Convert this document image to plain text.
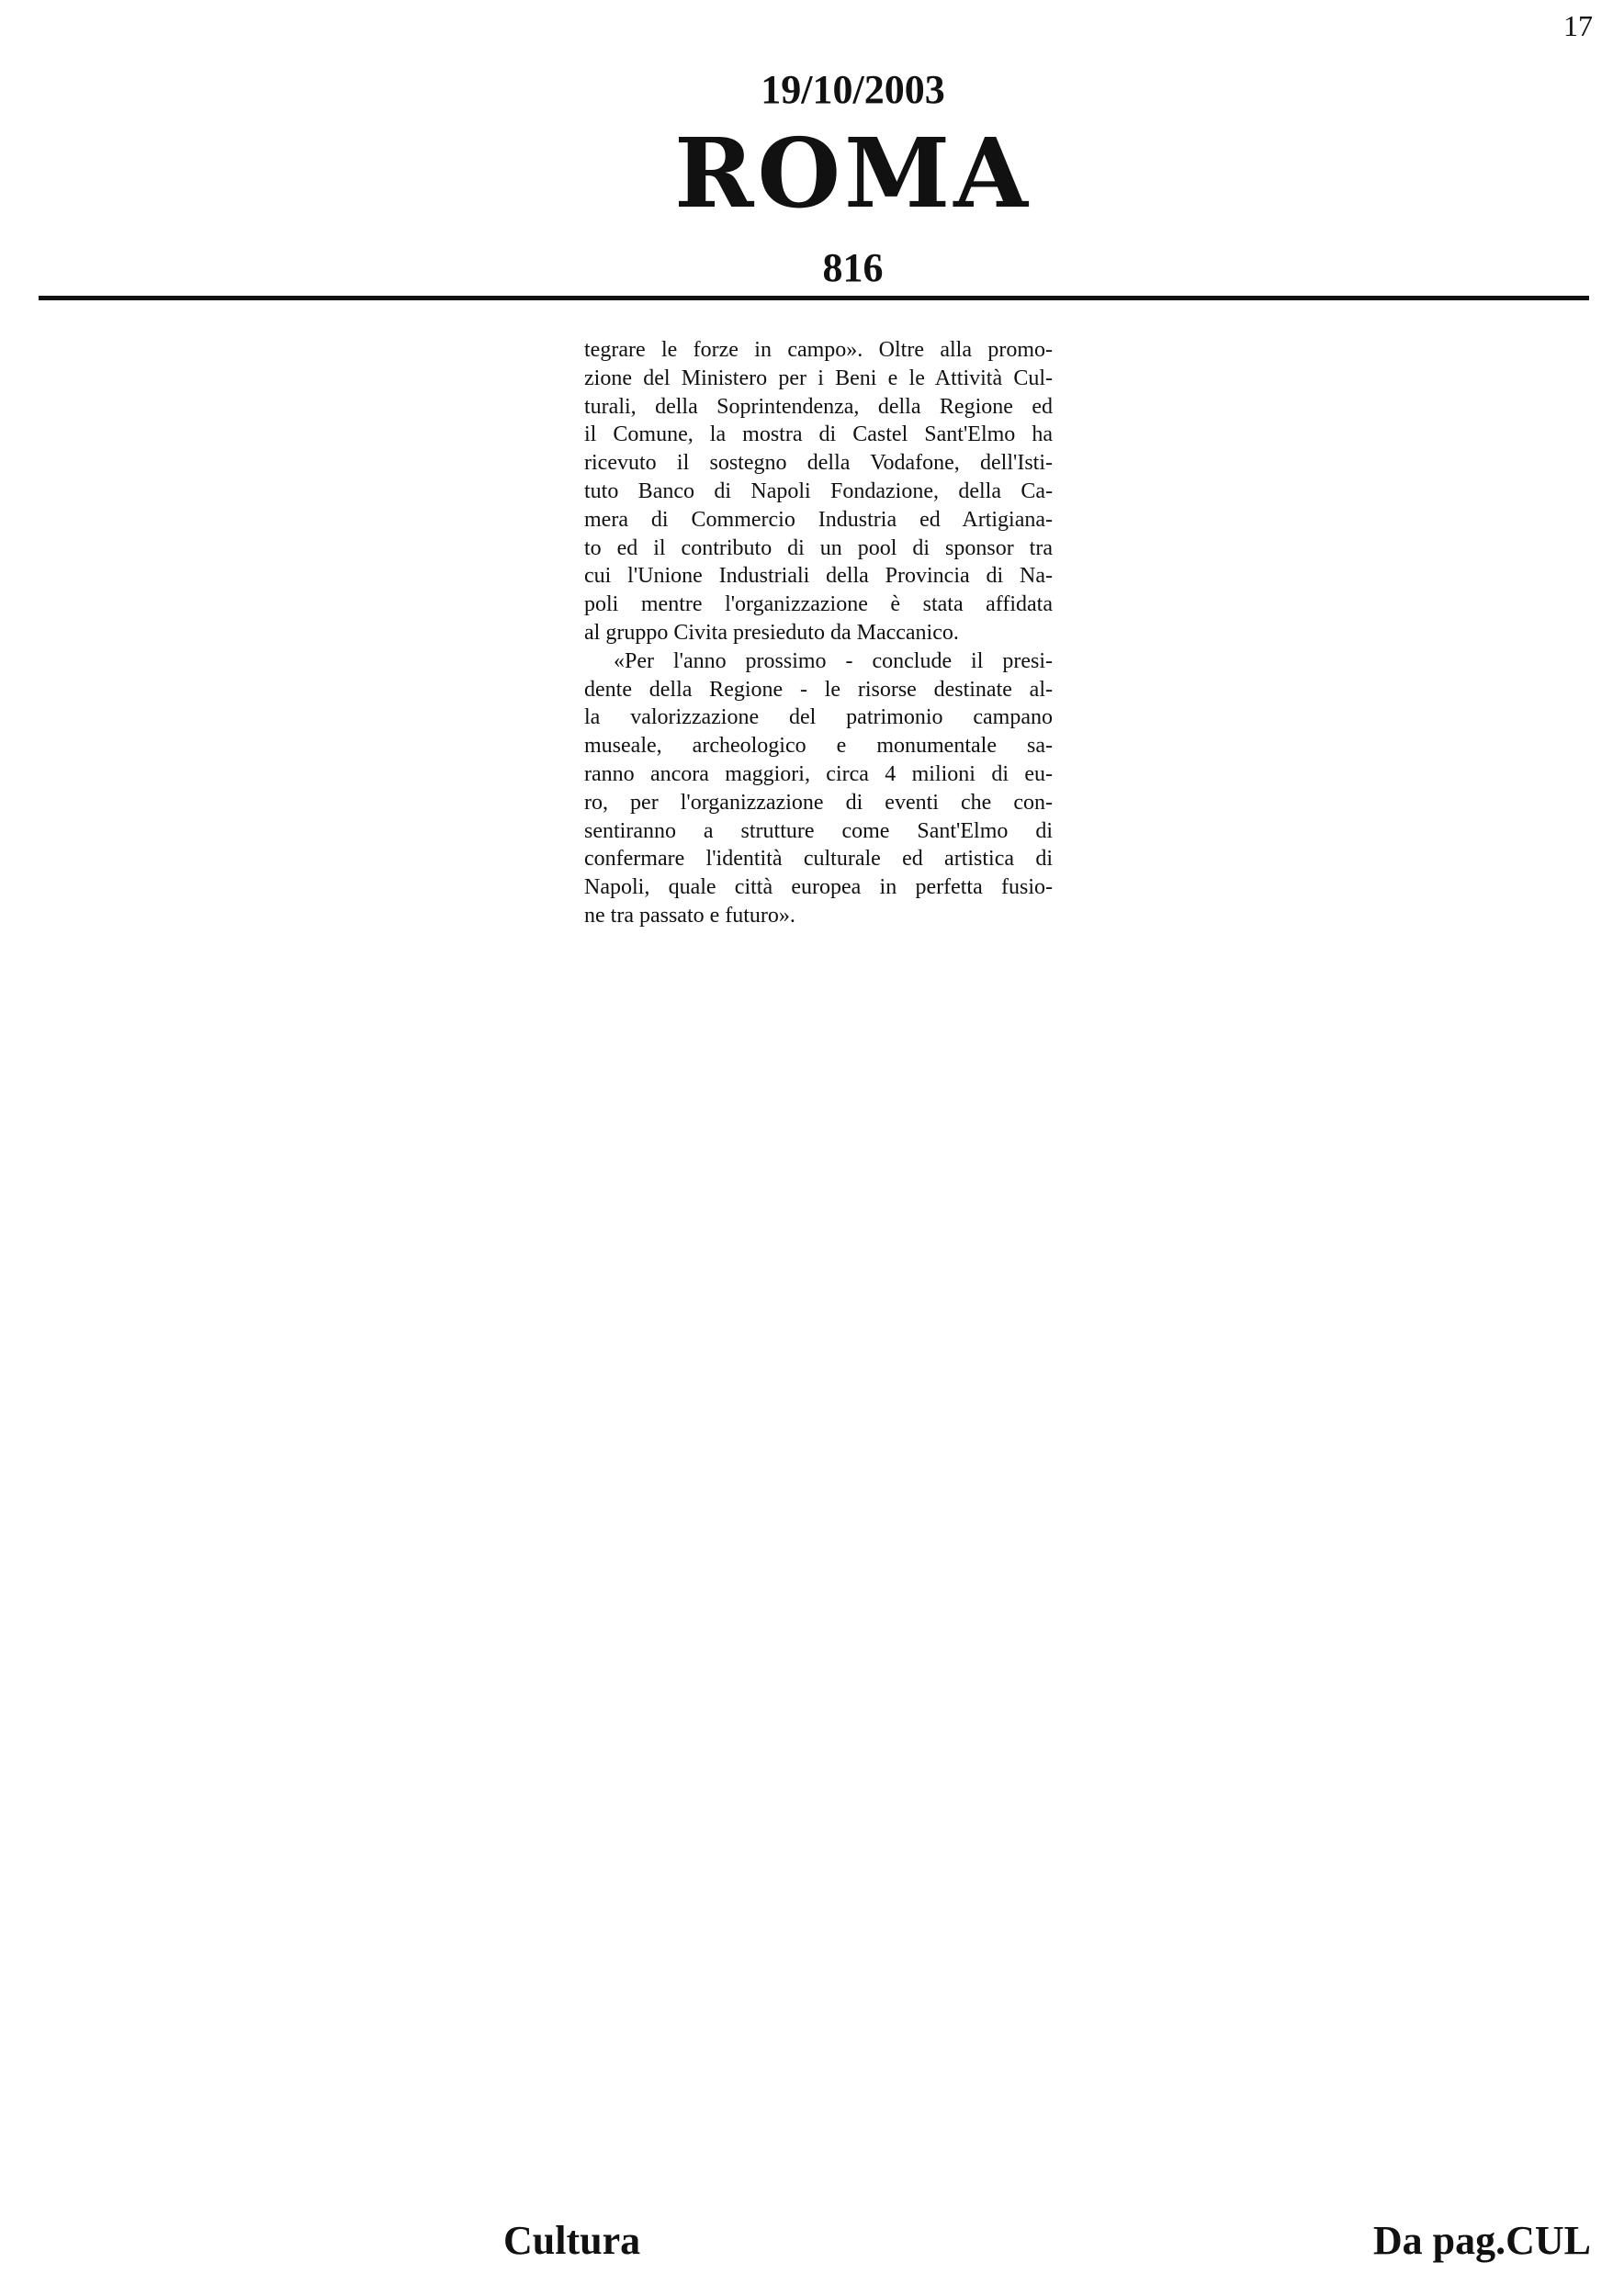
17
19/10/2003
ROMA
816
tegrare le forze in campo». Oltre alla promo-
zione del Ministero per i Beni e le Attività Cul-
turali, della Soprintendenza, della Regione ed
il Comune, la mostra di Castel Sant'Elmo ha
ricevuto il sostegno della Vodafone, dell'Isti-
tuto Banco di Napoli Fondazione, della Ca-
mera di Commercio Industria ed Artigiana-
to ed il contributo di un pool di sponsor tra
cui l'Unione Industriali della Provincia di Na-
poli mentre l'organizzazione è stata affidata
al gruppo Civita presieduto da Maccanico.
«Per l'anno prossimo - conclude il presi-
dente della Regione - le risorse destinate al-
la valorizzazione del patrimonio campano
museale, archeologico e monumentale sa-
ranno ancora maggiori, circa 4 milioni di eu-
ro, per l'organizzazione di eventi che con-
sentiranno a strutture come Sant'Elmo di
confermare l'identità culturale ed artistica di
Napoli, quale città europea in perfetta fusio-
ne tra passato e futuro».
Cultura	Da pag.CUL
